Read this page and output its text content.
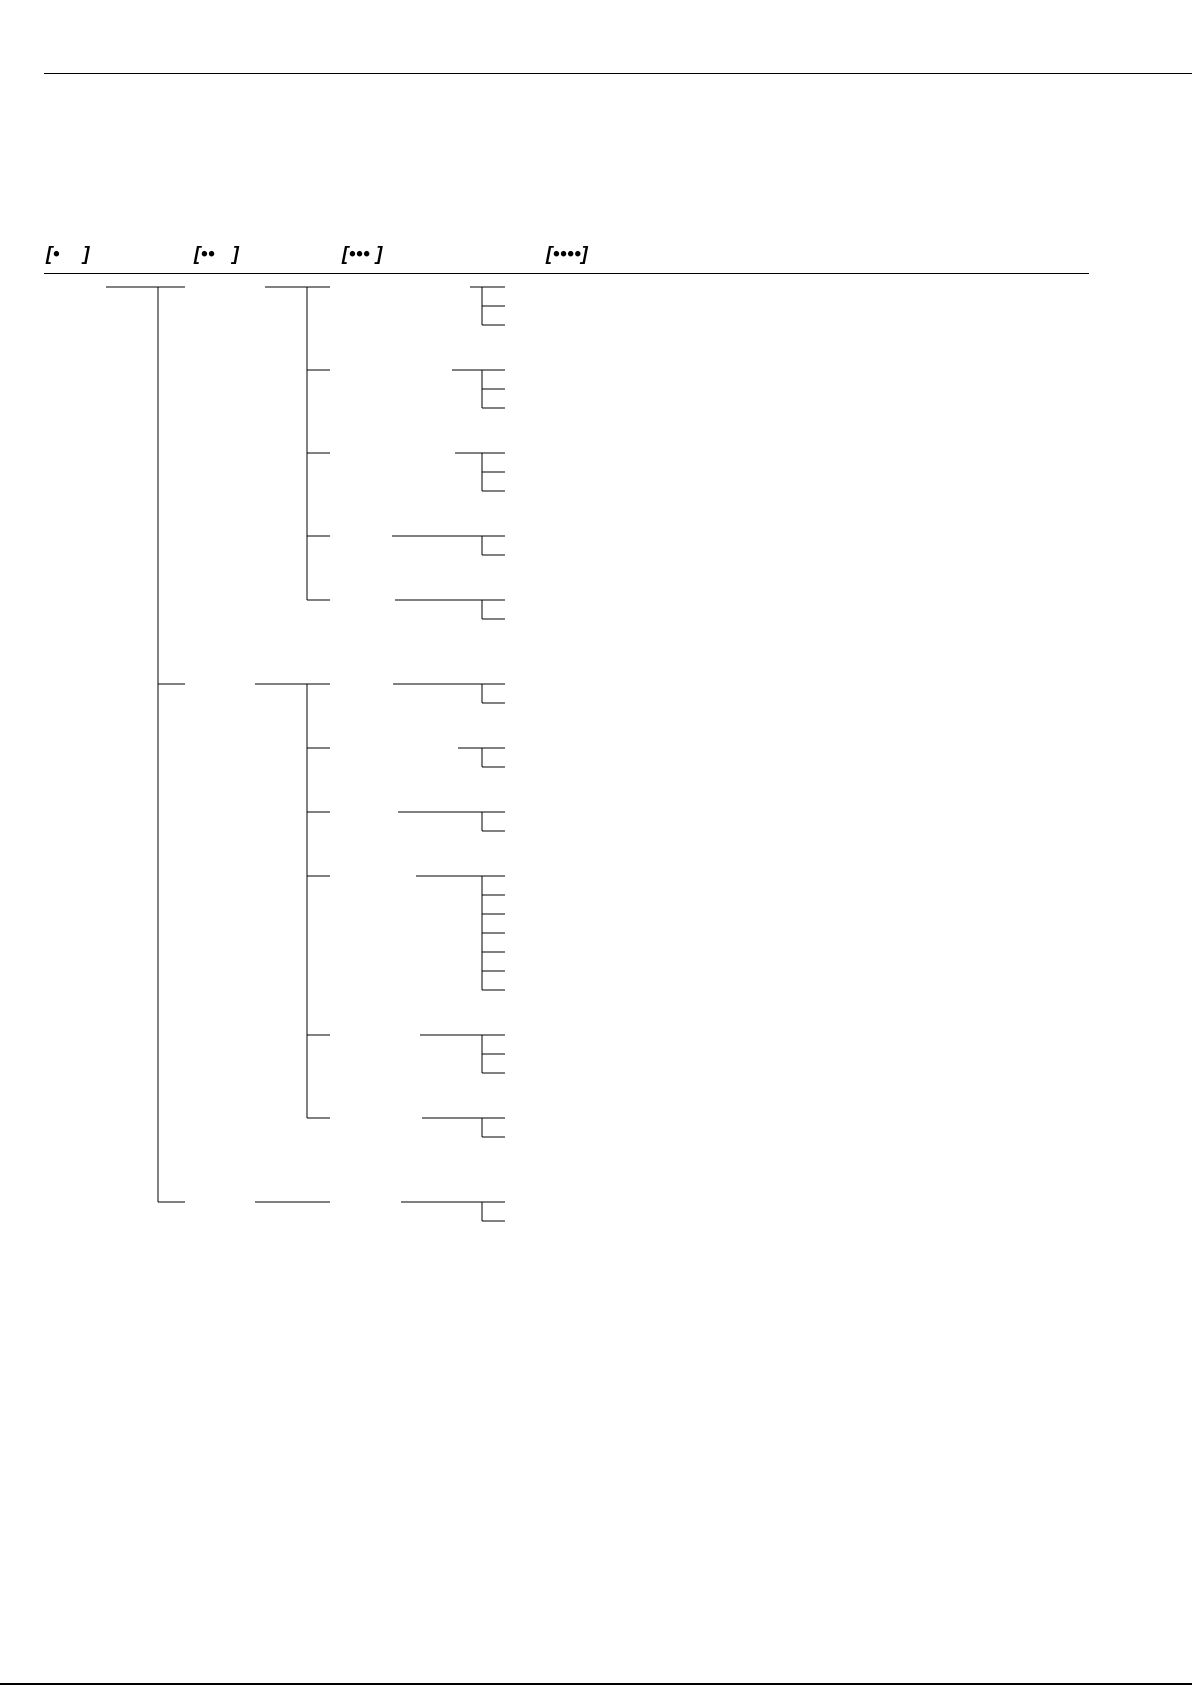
[•    ]	[••   ]	[••• ]	[••••]
